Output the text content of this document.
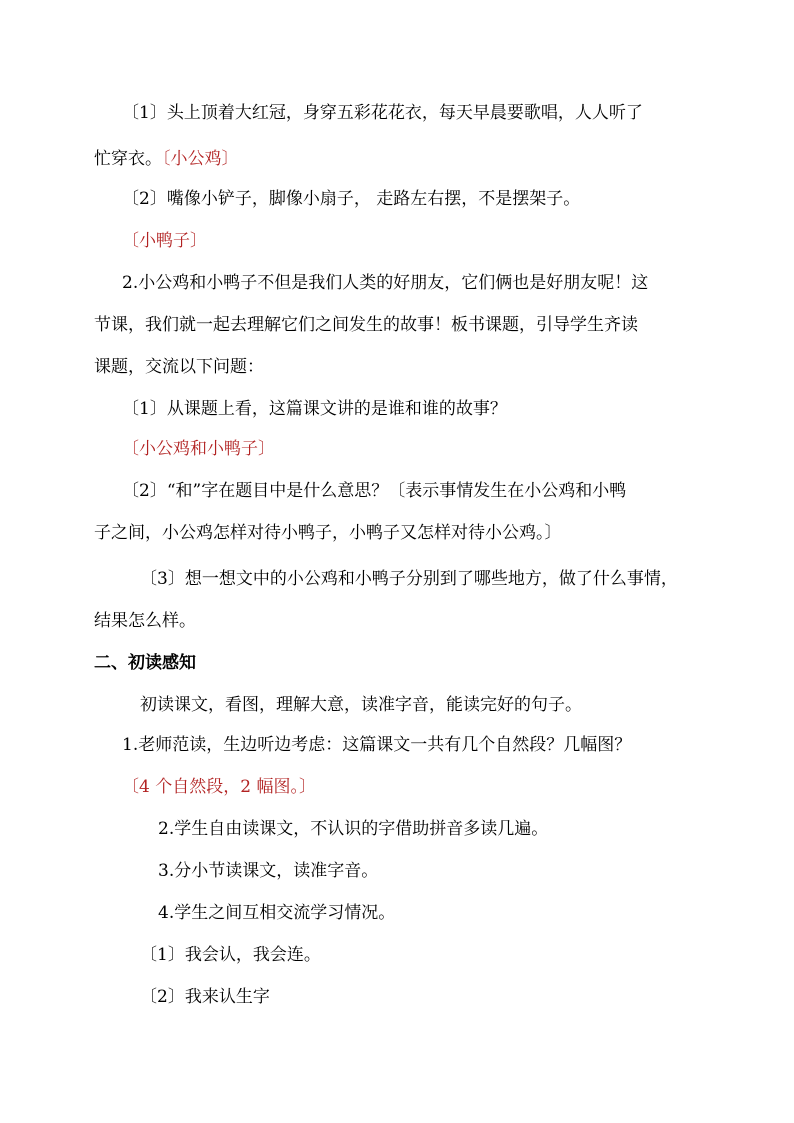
〔1〕头上顶着大红冠，身穿五彩花花衣，每天早晨要歌唱，人人听了
忙穿衣。〔小公鸡〕
〔2〕嘴像小铲子，脚像小扇子， 走路左右摆，不是摆架子。
〔小鸭子〕
2.小公鸡和小鸭子不但是我们人类的好朋友，它们俩也是好朋友呢！这
节课，我们就一起去理解它们之间发生的故事！板书课题，引导学生齐读
课题，交流以下问题：
〔1〕从课题上看，这篇课文讲的是谁和谁的故事？
〔小公鸡和小鸭子〕
〔2〕“和”字在题目中是什么意思？〔表示事情发生在小公鸡和小鸭
子之间，小公鸡怎样对待小鸭子，小鸭子又怎样对待小公鸡。〕
〔3〕想一想文中的小公鸡和小鸭子分别到了哪些地方，做了什么事情，
结果怎么样。
二、初读感知
初读课文，看图，理解大意，读准字音，能读完好的句子。
1.老师范读，生边听边考虑：这篇课文一共有几个自然段？几幅图？
〔4 个自然段，2 幅图。〕
2.学生自由读课文，不认识的字借助拼音多读几遍。
3.分小节读课文，读准字音。
4.学生之间互相交流学习情况。
〔1〕我会认，我会连。
〔2〕我来认生字
